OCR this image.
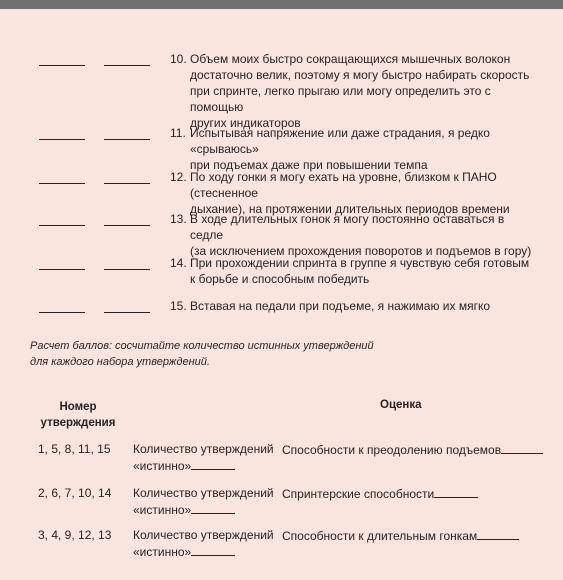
10. Объем моих быстро сокращающихся мышечных волокон
достаточно велик, поэтому я могу быстро набирать скорость
при спринте, легко прыгаю или могу определить это с помощью
других индикаторов
11. Испытывая напряжение или даже страдания, я редко «срываюсь»
при подъемах даже при повышении темпа
12. По ходу гонки я могу ехать на уровне, близком к ПАНО (стесненное
дыхание), на протяжении длительных периодов времени
13. В ходе длительных гонок я могу постоянно оставаться в седле
(за исключением прохождения поворотов и подъемов в гору)
14. При прохождении спринта в группе я чувствую себя готовым
к борьбе и способным победить
15. Вставая на педали при подъеме, я нажимаю их мягко
Расчет баллов: сосчитайте количество истинных утверждений
для каждого набора утверждений.
Номер
утверждения
Оценка
1, 5, 8, 11, 15 Количество утверждений
«истинно»
Способности к преодолению подъемов
2, 6, 7, 10, 14 Количество утверждений
«истинно»
Спринтерские способности
3, 4, 9, 12, 13 Количество утверждений
«истинно»
Способности к длительным гонкам
